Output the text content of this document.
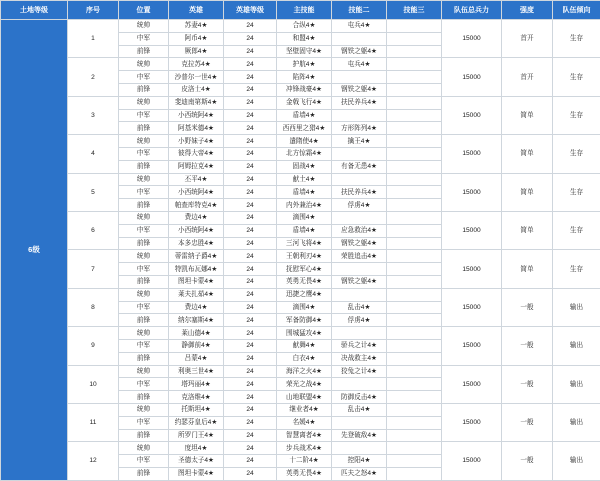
土地等级	序号	位置	英雄	英雄等级	主技能	技能二	技能三	队伍总兵力	强度	队伍倾向
6级	1	统帅	苏妻4★	24	合纵4★	屯兵4★		15000	首开	生存
		中军	阿币4★	24	和盟4★					
		前锋	厥郎4★	24	坚壁固守4★	钢铁之躯4★				
	2	统帅	克拉苏4★	24	护航4★	屯兵4★		15000	首开	生存
		中军	沙普尔一世4★	24	陷阵4★					
		前锋	皮洛士4★	24	冲锋战豪4★	钢铁之躯4★				
	3	统帅	斐迪南第斯4★	24	金戟飞行4★	扶民养兵4★		15000	简单	生存
		中军	小西统阿4★	24	盾墙4★					
		前锋	阿基米德4★	24	西西里之猎4★	方形阵列4★				
	4	统帅	小野妹子4★	24	遣隋使4★	擒王4★		15000	简单	生存
		中军	彼得大帝4★	24	北方惊霜4★					
		前锋	阿姆拉克4★	24	固战4★	有备无患4★				
	5	统帅	丕平4★	24	献土4★			15000	简单	生存
		中军	小西统阿4★	24	盾墙4★	扶民养兵4★				
		前锋	帕查库特克4★	24	内外兼治4★	俘虏4★				
	6	统帅	费边4★	24	滴围4★			15000	简单	生存
		中军	小西统阿4★	24	盾墙4★	应急救治4★				
		前锋	本多忠胜4★	24	三河飞将4★	钢铁之躯4★				
	7	统帅	蒂雷纳子爵4★	24	王朝利刃4★	荣胜追击4★		15000	简单	生存
		中军	特凯布瓦娜4★	24	抚慰军心4★					
		前锋	图坦卡蒙4★	24	英勇无畏4★	钢铁之躯4★				
	8	统帅	莱夫扎茹4★	24	迅捷之鹰4★			15000	一般	输出
		中军	费边4★	24	滴围4★	乱击4★				
		前锋	纳尔塞斯4★	24	军备防御4★	俘虏4★				
	9	统帅	莱山德4★	24	围城猛攻4★			15000	一般	输出
		中军	静御前4★	24	献舞4★	骄兵之计4★				
		前锋	吕蒙4★	24	白衣4★	决战救主4★				
	10	统帅	利奥三世4★	24	海洋之火4★	狡兔之计4★		15000	一般	输出
		中军	塔玛丽4★	24	荣光之战4★					
		前锋	克洛维4★	24	山地联盟4★	防御反击4★				
	11	统帅	托斯坦4★	24	继业者4★	乱击4★		15000	一般	输出
		中军	约瑟芬皇后4★	24	名媛4★					
		前锋	所罗门王4★	24	智慧离者4★	先登破敌4★				
	12	统帅	度坦4★	24	步兵战术4★			15000	一般	输出
		中军	圣德太子4★	24	十二阶4★	控阳4★				
		前锋	图坦卡蒙4★	24	英勇无畏4★	匹夫之怒4★				
